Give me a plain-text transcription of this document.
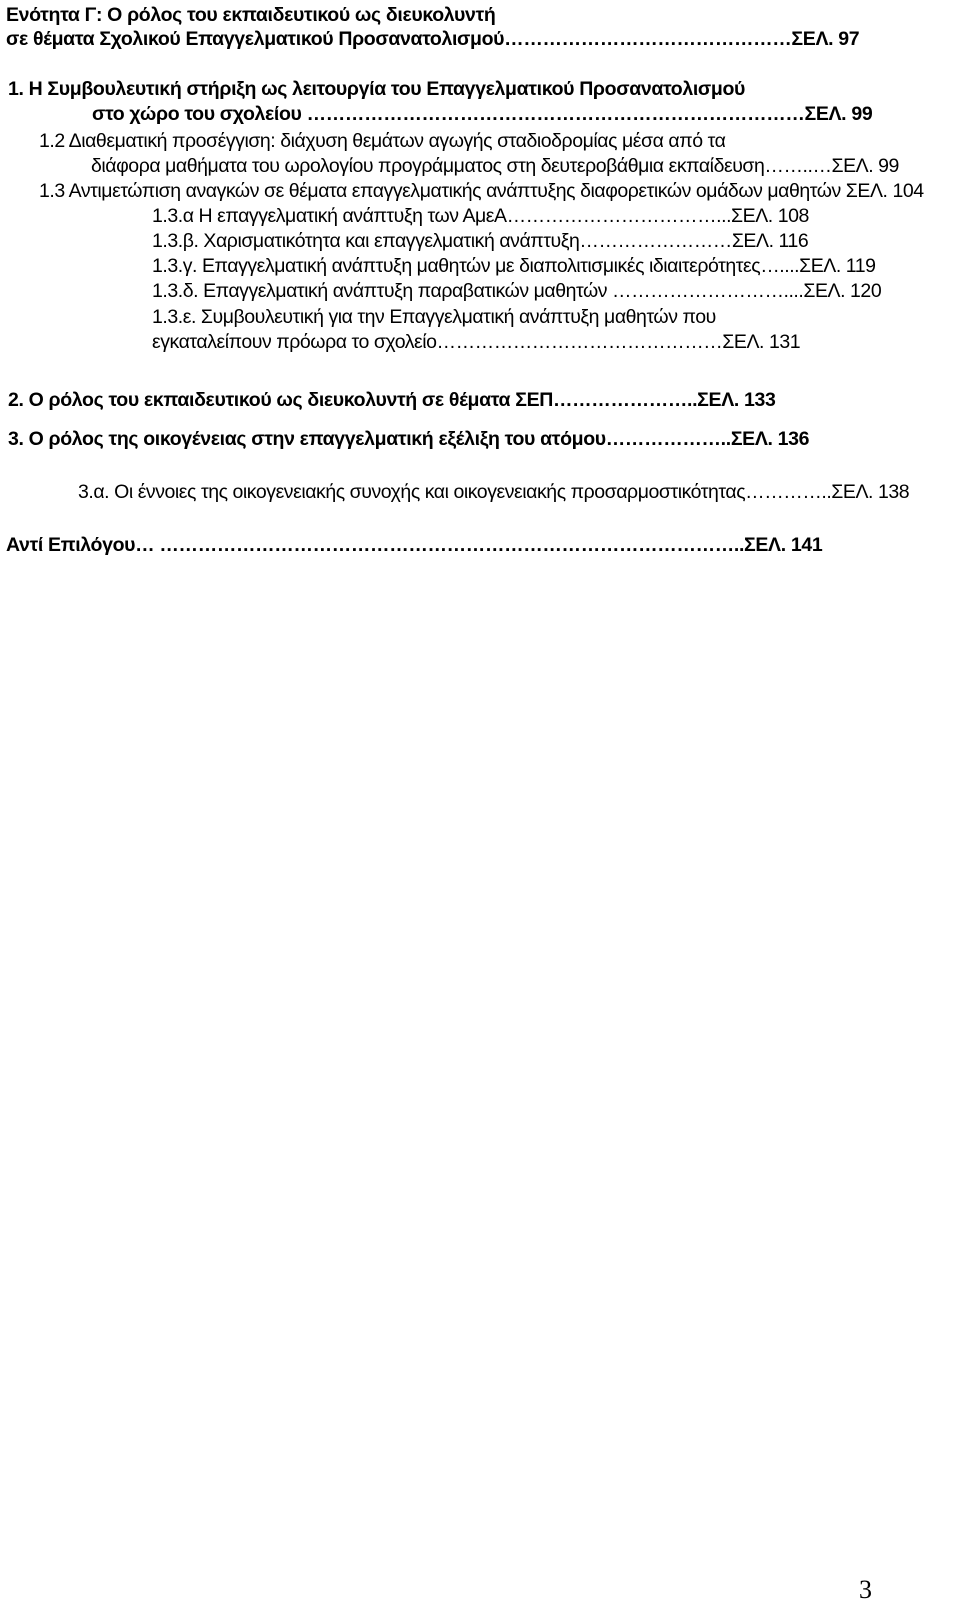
Ενότητα Γ: Ο ρόλος του εκπαιδευτικού ως διευκολυντή
σε θέματα Σχολικού Επαγγελματικού Προσανατολισμού………………………………………ΣΕΛ. 97
1. Η Συμβουλευτική στήριξη ως λειτουργία του Επαγγελματικού Προσανατολισμού
στο χώρο του σχολείου ……………………………………………………………………ΣΕΛ. 99
1.2 Διαθεματική προσέγγιση: διάχυση θεμάτων αγωγής σταδιοδρομίας μέσα από τα
διάφορα μαθήματα του ωρολογίου προγράμματος στη δευτεροβάθμια εκπαίδευση……..…ΣΕΛ. 99
1.3 Αντιμετώπιση αναγκών σε θέματα επαγγελματικής ανάπτυξης διαφορετικών ομάδων μαθητών ΣΕΛ. 104
1.3.α Η επαγγελματική ανάπτυξη των ΑμεΑ……………………………...ΣΕΛ. 108
1.3.β. Χαρισματικότητα και επαγγελματική ανάπτυξη……………………ΣΕΛ. 116
1.3.γ. Επαγγελματική ανάπτυξη μαθητών με διαπολιτισμικές ιδιαιτερότητες…....ΣΕΛ. 119
1.3.δ. Επαγγελματική ανάπτυξη παραβατικών μαθητών ………………………....ΣΕΛ. 120
1.3.ε. Συμβουλευτική για την Επαγγελματική ανάπτυξη μαθητών που
εγκαταλείπουν πρόωρα το σχολείο………………………………………ΣΕΛ. 131
2. Ο ρόλος του εκπαιδευτικού ως διευκολυντή σε θέματα ΣΕΠ…………………..ΣΕΛ. 133
3. Ο ρόλος της οικογένειας στην επαγγελματική εξέλιξη του ατόμου………………..ΣΕΛ. 136
3.α. Οι έννοιες της οικογενειακής συνοχής και οικογενειακής προσαρμοστικότητας…………..ΣΕΛ. 138
Αντί Επιλόγου… ………………………………………………………………………………..ΣΕΛ. 141
3
